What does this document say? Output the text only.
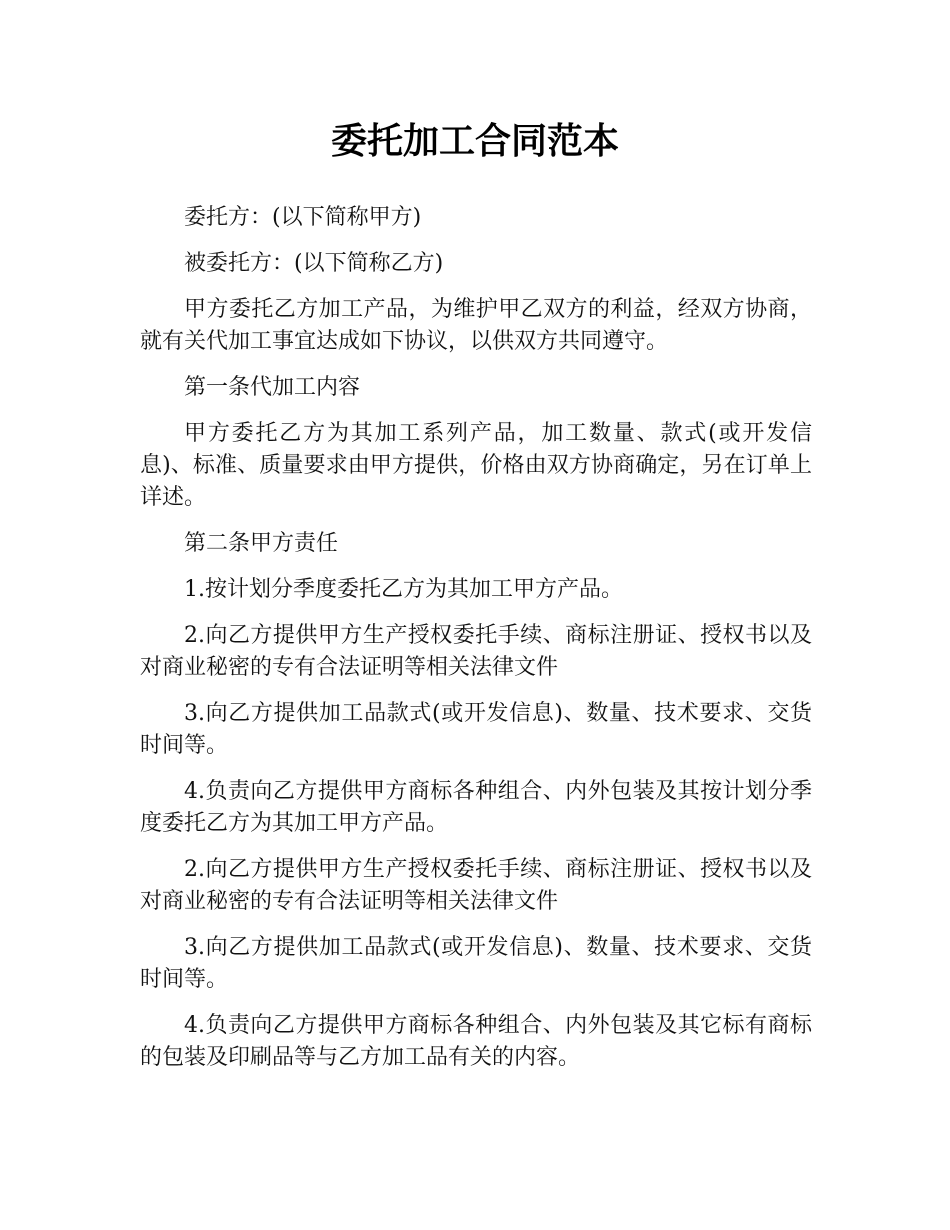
委托加工合同范本

委托方：(以下简称甲方)

被委托方：(以下简称乙方)

甲方委托乙方加工产品，为维护甲乙双方的利益，经双方协商，就有关代加工事宜达成如下协议，以供双方共同遵守。

第一条代加工内容

甲方委托乙方为其加工系列产品，加工数量、款式(或开发信息)、标准、质量要求由甲方提供，价格由双方协商确定，另在订单上详述。

第二条甲方责任

1.按计划分季度委托乙方为其加工甲方产品。

2.向乙方提供甲方生产授权委托手续、商标注册证、授权书以及对商业秘密的专有合法证明等相关法律文件

3.向乙方提供加工品款式(或开发信息)、数量、技术要求、交货时间等。

4.负责向乙方提供甲方商标各种组合、内外包装及其按计划分季度委托乙方为其加工甲方产品。

2.向乙方提供甲方生产授权委托手续、商标注册证、授权书以及对商业秘密的专有合法证明等相关法律文件

3.向乙方提供加工品款式(或开发信息)、数量、技术要求、交货时间等。

4.负责向乙方提供甲方商标各种组合、内外包装及其它标有商标的包装及印刷品等与乙方加工品有关的内容。
